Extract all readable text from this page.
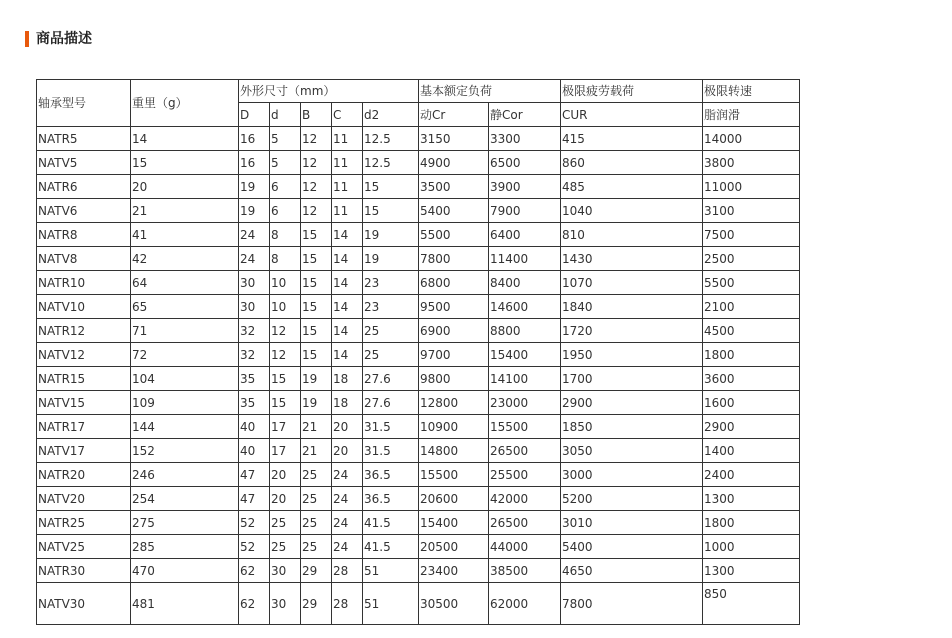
商品描述
轴承型号	重里（g）	外形尺寸（mm）					基本额定负荷		极限疲劳载荷	极限转速
		D	d	B	C	d2	动Cr	静Cor	CUR	脂润滑
NATR5	14	16	5	12	11	12.5	3150	3300	415	14000
NATV5	15	16	5	12	11	12.5	4900	6500	860	3800
NATR6	20	19	6	12	11	15	3500	3900	485	11000
NATV6	21	19	6	12	11	15	5400	7900	1040	3100
NATR8	41	24	8	15	14	19	5500	6400	810	7500
NATV8	42	24	8	15	14	19	7800	11400	1430	2500
NATR10	64	30	10	15	14	23	6800	8400	1070	5500
NATV10	65	30	10	15	14	23	9500	14600	1840	2100
NATR12	71	32	12	15	14	25	6900	8800	1720	4500
NATV12	72	32	12	15	14	25	9700	15400	1950	1800
NATR15	104	35	15	19	18	27.6	9800	14100	1700	3600
NATV15	109	35	15	19	18	27.6	12800	23000	2900	1600
NATR17	144	40	17	21	20	31.5	10900	15500	1850	2900
NATV17	152	40	17	21	20	31.5	14800	26500	3050	1400
NATR20	246	47	20	25	24	36.5	15500	25500	3000	2400
NATV20	254	47	20	25	24	36.5	20600	42000	5200	1300
NATR25	275	52	25	25	24	41.5	15400	26500	3010	1800
NATV25	285	52	25	25	24	41.5	20500	44000	5400	1000
NATR30	470	62	30	29	28	51	23400	38500	4650	1300
NATV30	481	62	30	29	28	51	30500	62000	7800	850
